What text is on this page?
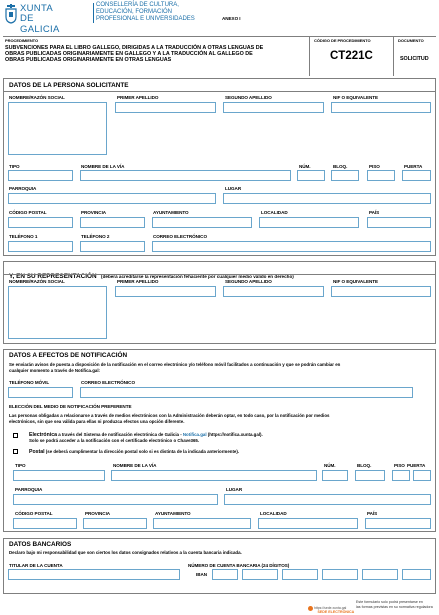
XUNTA
DE GALICIA
CONSELLERÍA DE CULTURA,
EDUCACIÓN, FORMACIÓN
PROFESIONAL E UNIVERSIDADES	ANEXO I
PROCEDIMIENTO
SUBVENCIONES PARA EL LIBRO GALLEGO, DIRIGIDAS A LA TRADUCCIÓN A OTRAS LENGUAS DE
OBRAS PUBLICADAS ORIGINARIAMENTE EN GALLEGO Y A LA TRADUCCIÓN AL GALLEGO DE
OBRAS PUBLICADAS ORIGINARIAMENTE EN OTRAS LENGUAS
CÓDIGO DE PROCEDIMIENTO
CT221C
DOCUMENTO
SOLICITUD
DATOS DE LA PERSONA SOLICITANTE
NOMBRE/RAZÓN SOCIAL	PRIMER APELLIDO	SEGUNDO APELLIDO	NIF O EQUIVALENTE
TIPO	NOMBRE DE LA VÍA	NÚM.	BLOQ.	PISO	PUERTA
PARROQUIA	LUGAR
CÓDIGO POSTAL	PROVINCIA	AYUNTAMIENTO	LOCALIDAD	PAÍS
TELÉFONO 1	TELÉFONO 2	CORREO ELECTRÓNICO
Y, EN SU REPRESENTACIÓN (deberá acreditarse la representación fehaciente por cualquier medio válido en derecho)
NOMBRE/RAZÓN SOCIAL	PRIMER APELLIDO	SEGUNDO APELLIDO	NIF O EQUIVALENTE
DATOS A EFECTOS DE NOTIFICACIÓN
Se enviarán avisos de puesta a disposición de la notificación en el correo electrónico y/o teléfono móvil facilitados a continuación y que se podrán cambiar en
cualquier momento a través de Notifica.gal:
TELÉFONO MÓVIL	CORREO ELECTRÓNICO
ELECCIÓN DEL MEDIO DE NOTIFICACIÓN PREFERENTE
Las personas obligadas a relacionarse a través de medios electrónicos con la Administración deberán optar, en todo caso, por la notificación por medios
electrónicos, sin que sea válida para ellas ni produzca efectos una opción diferente.
Electrónica a través del Sistema de notificación electrónica de Galicia - Notifica.gal (https://notifica.xunta.gal).
Solo se podrá acceder a la notificación con el certificado electrónico o Chave365.
Postal (se deberá cumplimentar la dirección postal solo si es distinta de la indicada anteriormente).
TIPO	NOMBRE DE LA VÍA	NÚM.	BLOQ.	PISO PUERTA
PARROQUIA	LUGAR
CÓDIGO POSTAL	PROVINCIA	AYUNTAMIENTO	LOCALIDAD	PAÍS
DATOS BANCARIOS
Declaro bajo mi responsabilidad que son ciertos los datos consignados relativos a la cuenta bancaria indicada.
TITULAR DE LA CUENTA	NÚMERO DE CUENTA BANCARIA (24 DÍGITOS)
IBAN
SEDE ELECTRÓNICA
https://sede.xunta.gal
Este formulario solo podrá presentarse en
las formas previstas en su normativa reguladora
